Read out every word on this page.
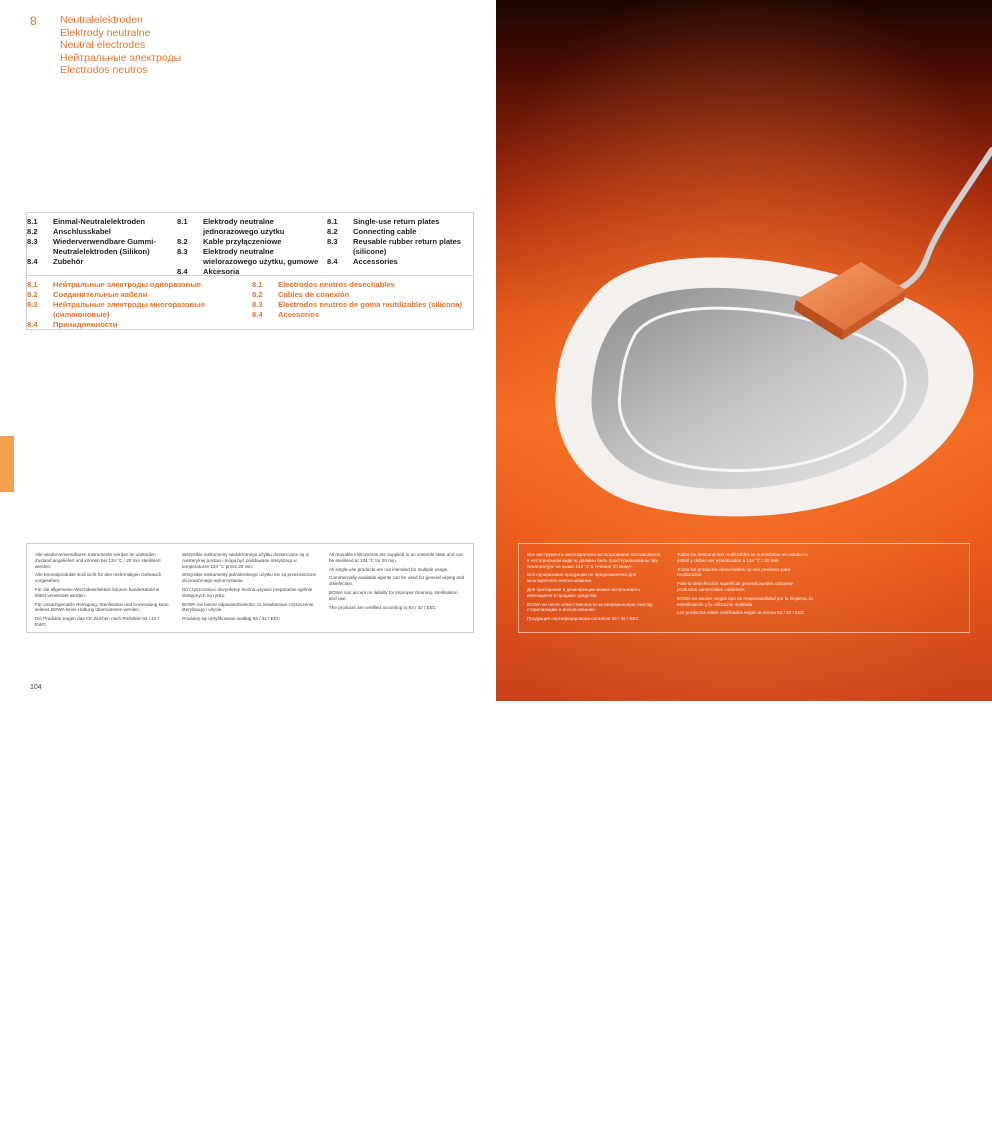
8 Neutralelektroden
Elektrody neutralne
Neutral electrodes
Нейтральные электроды
Electrodos neutros
8.1	Einmal-Neutralelektroden
8.2	Anschlusskabel
8.3	Wiederverwendbare Gummi-
Neutralelektroden (Silikon)
8.4	Zubehör
8.1	Elektrody neutralne
jednorazowego użytku
8.2	Kable przyłączeniowe
8.3	Elektrody neutralne
wielorazowego użytku, gumowe
8.4	Akcesoria
8.1	Single-use return plates
8.2	Connecting cable
8.3	Reusable rubber return plates
(silicone)
8.4	Accessories
8.1	Нейтральные электроды одноразовые
8.2	Соединительные кабели
8.3	Нейтральные электроды многоразовые
(силиконовые)
8.4	Принадлежности
8.1	Electrodos neutros desechables
8.2	Cables de conexión
8.3	Electrodos neutros de goma reutilizables (silicona)
8.4	Accesorios

Alle wiederverwendbaren Instrumente werden im unsterilen Zustand angeliefert und können bei 134 °C / 20 min sterilisiert werden.

Alle Einmalprodukte sind nicht für den mehrmaligen Gebrauch vorgesehen.

Für die allgemeine Wischdesinfektion können handelsübliche Mittel verwendet werden.

Für unsachgemäße Reinigung, Sterilisation und Anwendung kann seitens BOWA keine Haftung übernommen werden.

Die Produkte tragen das CE Zeichen nach Richtlinie 93 / 42 / EWG

Wszystkie instrumenty wielokrotnego użytku dostarczane są w niesterylnej postaci i mogą być poddawane sterylizacji w temperaturze 134 °C przez 20 min.

Wszystkie instrumenty jednokrotnego użytku nie są przeznaczone do powtórnego wykorzystania.

Do czyszczenia i dezynfekcji można używać preparatów ogólnie dostępnych na rynku.

BOWA nie bierze odpowiedzialności za niewłaściwe czyszczenie, sterylizację i użycie.

Produkty są certyfikowane według 93 / 42 / EEC

All reusable instruments are supplied in an unsterile state and can be sterilised at 134 °C for 20 min.

All single-use products are not intended for multiple usage.

Commercially available agents can be used for general wiping and disinfection.

BOWA can accept no liability for improper cleaning, sterilisation and use.

The products are certified according to 93 / 42 / EEC

104

Все инструменты многократного использования поставляются в нестерильном виде и, должны быть простерилизованы при температуре не выше 134 °С в течение 20 минут.

Вся одноразовая продукция не предназначена для многократного использования.

Для протирания и дезинфекции можно использовать имеющиеся в продаже средства.

BOWA не несет ответственности за неправильную очистку, стерилизацию и использование.

Продукция сертифицирована согласно 93 / 42 / EEC

Todos los instrumentos reutilizables se suministran en estado no estéril y deben ser esterilizados a 134 °C / 20 min.

Todos los productos desechables no son previstos para reutilización.

Para la desinfección superficial general pueden utilizarse productos comerciales corrientes.

BOWA no asume ningún tipo de responsabilidad por la limpieza, la esterilización y la utilización indebida.

Los productos están certificados según la norma 93 / 42 / EEC

8
